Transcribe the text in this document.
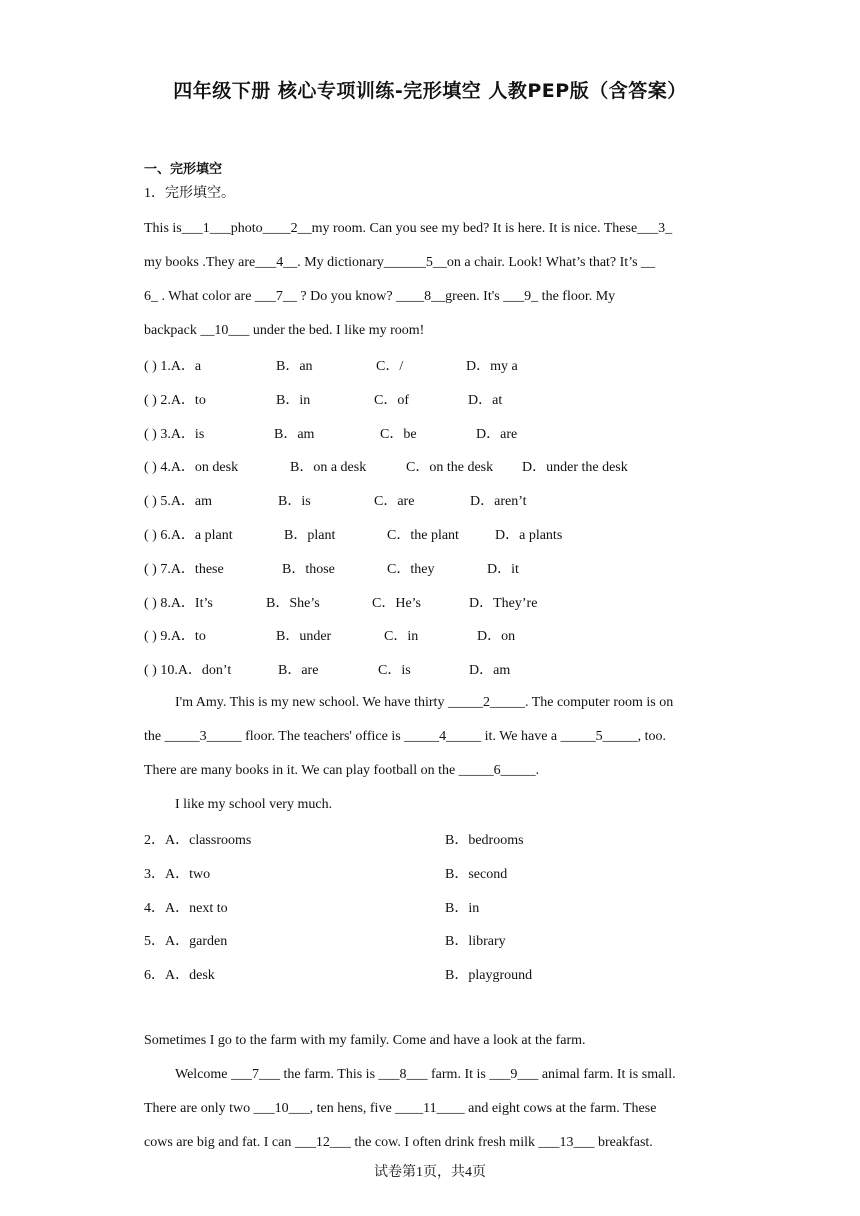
四年级下册 核心专项训练-完形填空 人教PEP版（含答案）
一、完形填空
1．完形填空。
This is___1___photo____2__my room. Can you see my bed? It is here. It is nice. These___3_
my books .They are___4__. My dictionary______5__on a chair. Look! What’s that? It’s __
6_ . What color are ___7__ ? Do you know? ____8__green. It's ___9_ the floor. My
backpack __10___ under the bed. I like my room!
( ) 1.A．a	B．an	C．/	D．my a
( ) 2.A．to	B．in	C．of	D．at
( ) 3.A．is	B．am	C．be	D．are
( ) 4.A．on desk	B．on a desk	C．on the desk D．under the desk
( ) 5.A．am	B．is	C．are	D．aren’t
( ) 6.A．a plant	B．plant	C．the plant	D．a plants
( ) 7.A．these	B．those	C．they	D．it
( ) 8.A．It’s	B．She’s	C．He’s	D．They’re
( ) 9.A．to	B．under	C．in	D．on
( ) 10.A．don’t	B．are	C．is	D．am
I'm Amy. This is my new school. We have thirty _____2_____. The computer room is on
the _____3_____ floor. The teachers' office is _____4_____ it. We have a _____5_____, too.
There are many books in it. We can play football on the _____6_____.
I like my school very much.
2．A．classrooms	B．bedrooms
3．A．two	B．second
4．A．next to	B．in
5．A．garden	B．library
6．A．desk	B．playground
Sometimes I go to the farm with my family. Come and have a look at the farm.
Welcome ___7___ the farm. This is ___8___ farm. It is ___9___ animal farm. It is small.
There are only two ___10___, ten hens, five ____11____ and eight cows at the farm. These
cows are big and fat. I can ___12___ the cow. I often drink fresh milk ___13___ breakfast.
试卷第1页，共4页
